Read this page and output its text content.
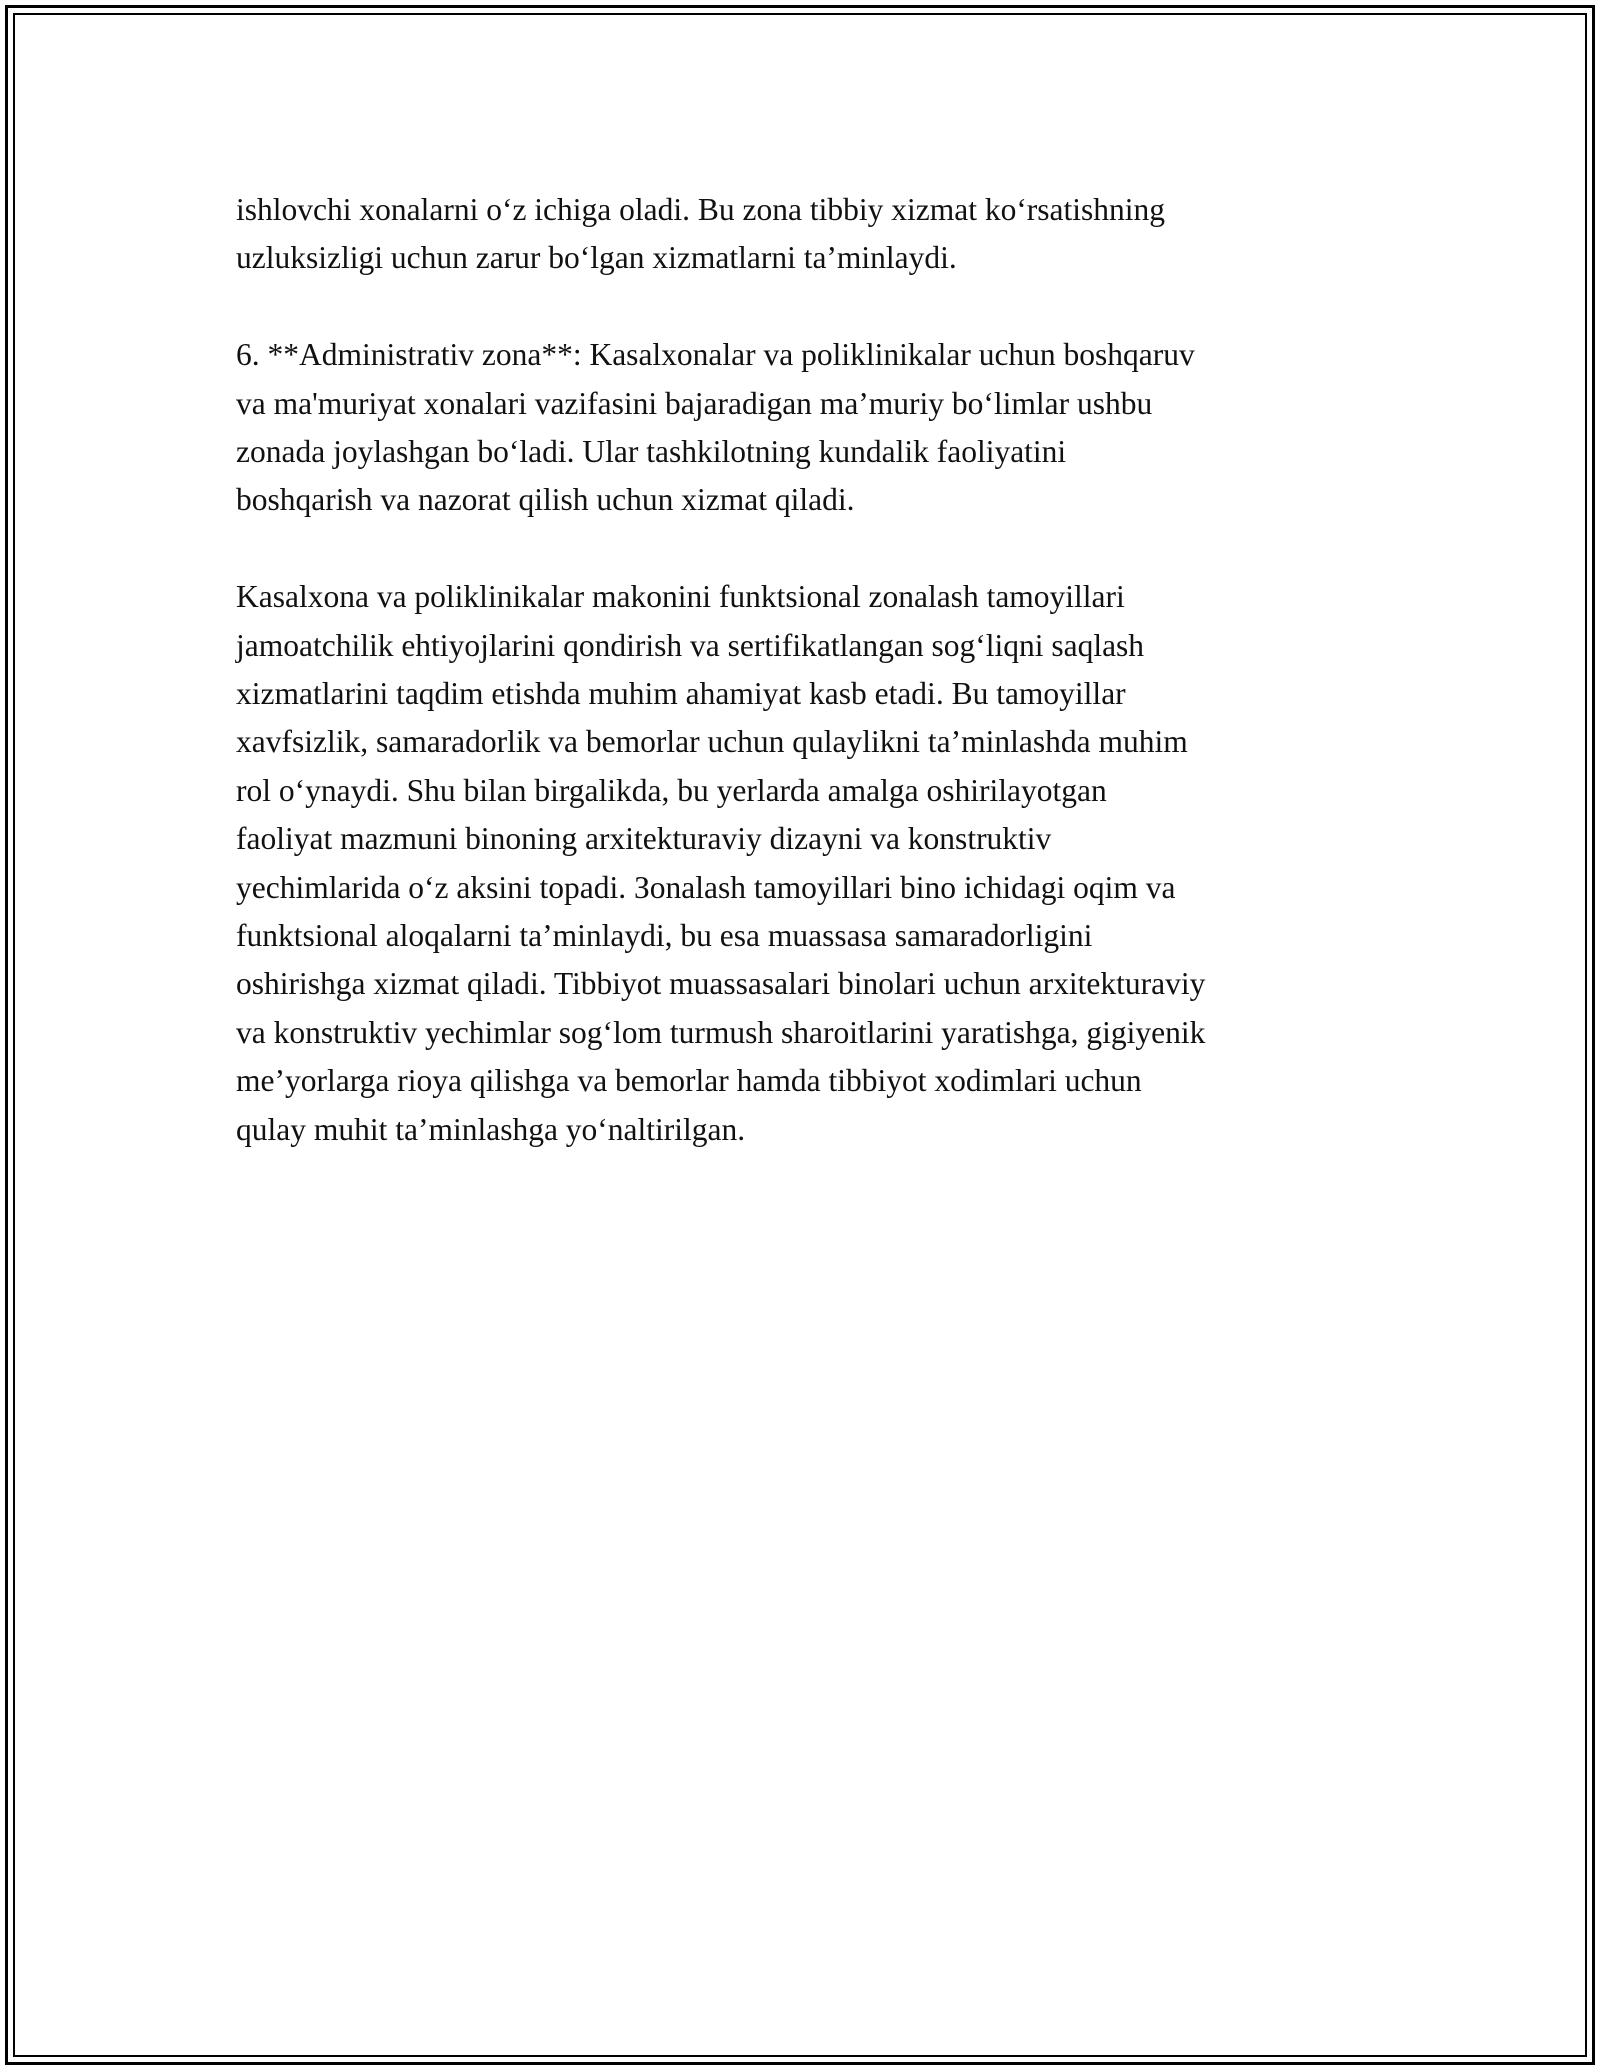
ishlovchi xonalarni o‘z ichiga oladi. Bu zona tibbiy xizmat ko‘rsatishning
uzluksizligi uchun zarur bo‘lgan xizmatlarni ta’minlaydi.

6. **Administrativ zona**: Kasalxonalar va poliklinikalar uchun boshqaruv
va ma'muriyat xonalari vazifasini bajaradigan ma’muriy bo‘limlar ushbu
zonada joylashgan bo‘ladi. Ular tashkilotning kundalik faoliyatini
boshqarish va nazorat qilish uchun xizmat qiladi.

Kasalxona va poliklinikalar makonini funktsional zonalash tamoyillari
jamoatchilik ehtiyojlarini qondirish va sertifikatlangan sog‘liqni saqlash
xizmatlarini taqdim etishda muhim ahamiyat kasb etadi. Bu tamoyillar
xavfsizlik, samaradorlik va bemorlar uchun qulaylikni ta’minlashda muhim
rol o‘ynaydi. Shu bilan birgalikda, bu yerlarda amalga oshirilayotgan
faoliyat mazmuni binoning arxitekturaviy dizayni va konstruktiv
yechimlarida o‘z aksini topadi. Зonalash tamoyillari bino ichidagi oqim va
funktsional aloqalarni ta’minlaydi, bu esa muassasa samaradorligini
oshirishga xizmat qiladi. Tibbiyot muassasalari binolari uchun arxitekturaviy
va konstruktiv yechimlar sog‘lom turmush sharoitlarini yaratishga, gigiyenik
me’yorlarga rioya qilishga va bemorlar hamda tibbiyot xodimlari uchun
qulay muhit ta’minlashga yo‘naltirilgan.
